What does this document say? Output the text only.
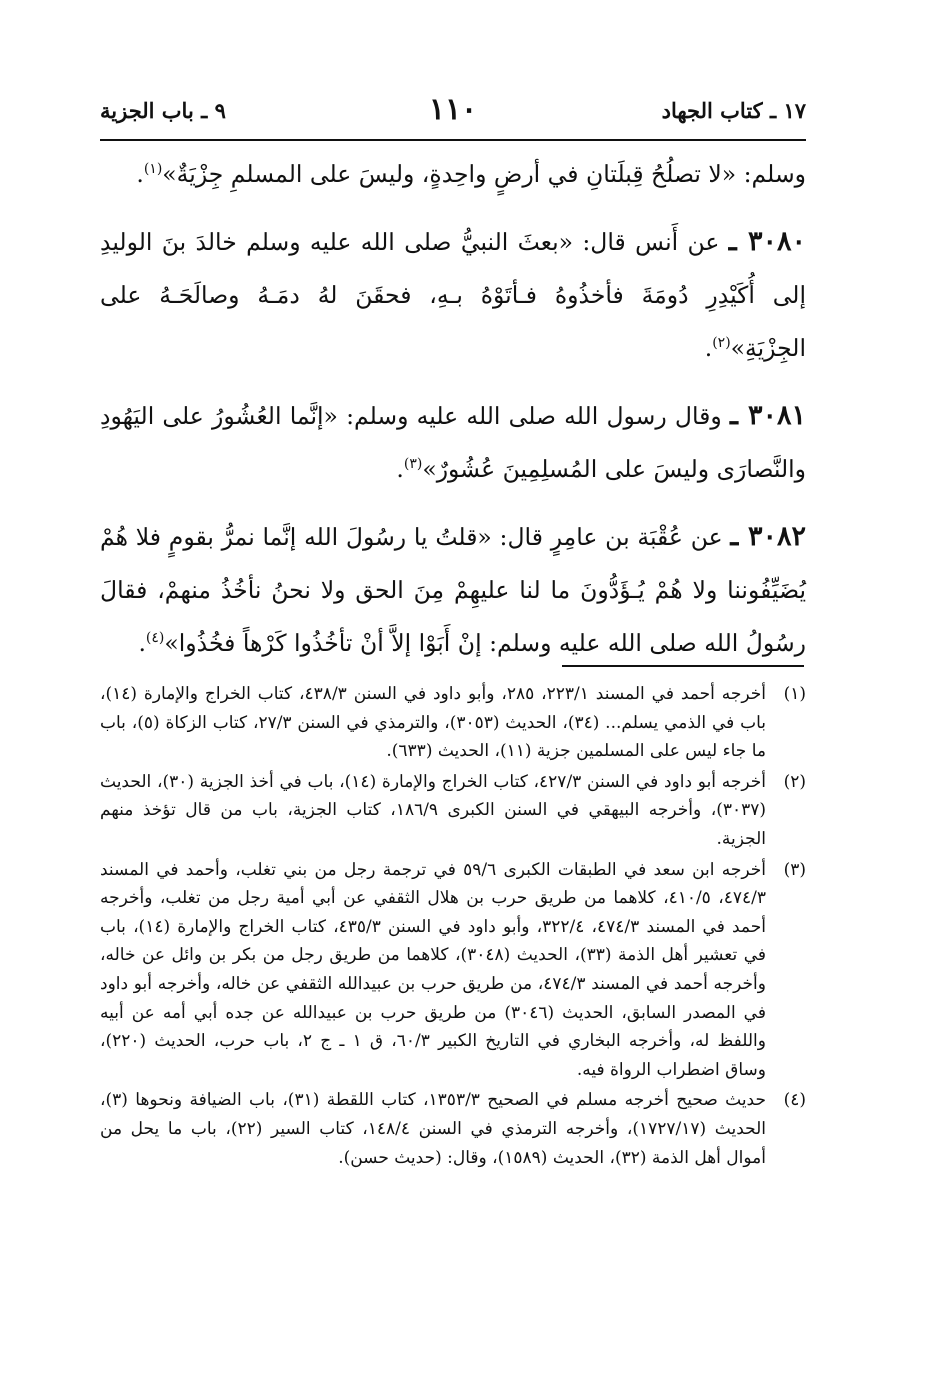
١٧ ـ كتاب الجهاد
١١٠
٩ ـ باب الجزية

وسلم: «لا تصلُحُ قِبلَتانِ في أرضٍ واحِدةٍ، وليسَ على المسلمِ جِزْيَةٌ»$^{(١)}$.

٣٠٨٠ ـ عن أَنس قال: «بعثَ النبيُّ صلى الله عليه وسلم خالدَ بنَ الوليدِ إلى أُكَيْدِرِ دُومَةَ فأخذُوهُ فـأتَوْهُ بـهِ، فحقَنَ لهُ دمَـهُ وصالَحَـهُ على الجِزْيَةِ»$^{(٢)}$.

٣٠٨١ ـ وقال رسول الله صلى الله عليه وسلم: «إنَّما العُشُورُ على اليَهُودِ والنَّصارَى وليسَ على المُسلِمِينَ عُشُورٌ»$^{(٣)}$.

٣٠٨٢ ـ عن عُقْبَة بن عامِرٍ قال: «قلتُ يا رسُولَ الله إنَّما نمرُّ بقومٍ فلا هُمْ يُضَيِّفُوننا ولا هُمْ يُـؤَدُّونَ ما لنا عليهِمْ مِنَ الحق ولا نحنُ نأخُذُ منهمْ، فقالَ رسُولُ الله صلى الله عليه وسلم: إنْ أَبَوْا إلاَّ أنْ تأخُذُوا كَرْهاً فخُذُوا»$^{(٤)}$.

(١)
أخرجه أحمد في المسند ٢٢٣/١، ٢٨٥، وأبو داود في السنن ٤٣٨/٣، كتاب الخراج والإمارة (١٤)، باب في الذمي يسلم... (٣٤)، الحديث (٣٠٥٣)، والترمذي في السنن ٢٧/٣، كتاب الزكاة (٥)، باب ما جاء ليس على المسلمين جزية (١١)، الحديث (٦٣٣).
(٢)
أخرجه أبو داود في السنن ٤٢٧/٣، كتاب الخراج والإمارة (١٤)، باب في أخذ الجزية (٣٠)، الحديث (٣٠٣٧)، وأخرجه البيهقي في السنن الكبرى ١٨٦/٩، كتاب الجزية، باب من قال تؤخذ منهم الجزية.
(٣)
أخرجه ابن سعد في الطبقات الكبرى ٥٩/٦ في ترجمة رجل من بني تغلب، وأحمد في المسند ٤٧٤/٣، ٤١٠/٥، كلاهما من طريق حرب بن هلال الثقفي عن أبي أمية رجل من تغلب، وأخرجه أحمد في المسند ٤٧٤/٣، ٣٢٢/٤، وأبو داود في السنن ٤٣٥/٣، كتاب الخراج والإمارة (١٤)، باب في تعشير أهل الذمة (٣٣)، الحديث (٣٠٤٨)، كلاهما من طريق رجل من بكر بن وائل عن خاله، وأخرجه أحمد في المسند ٤٧٤/٣، من طريق حرب بن عبيدالله الثقفي عن خاله، وأخرجه أبو داود في المصدر السابق، الحديث (٣٠٤٦) من طريق حرب بن عبيدالله عن جده أبي أمه عن أبيه واللفظ له، وأخرجه البخاري في التاريخ الكبير ٦٠/٣، ق ١ ـ ج ٢، باب حرب، الحديث (٢٢٠)، وساق اضطراب الرواة فيه.
(٤)
حديث صحيح أخرجه مسلم في الصحيح ١٣٥٣/٣، كتاب اللقطة (٣١)، باب الضيافة ونحوها (٣)، الحديث (١٧٢٧/١٧)، وأخرجه الترمذي في السنن ١٤٨/٤، كتاب السير (٢٢)، باب ما يحل من أموال أهل الذمة (٣٢)، الحديث (١٥٨٩)، وقال: (حديث حسن).
